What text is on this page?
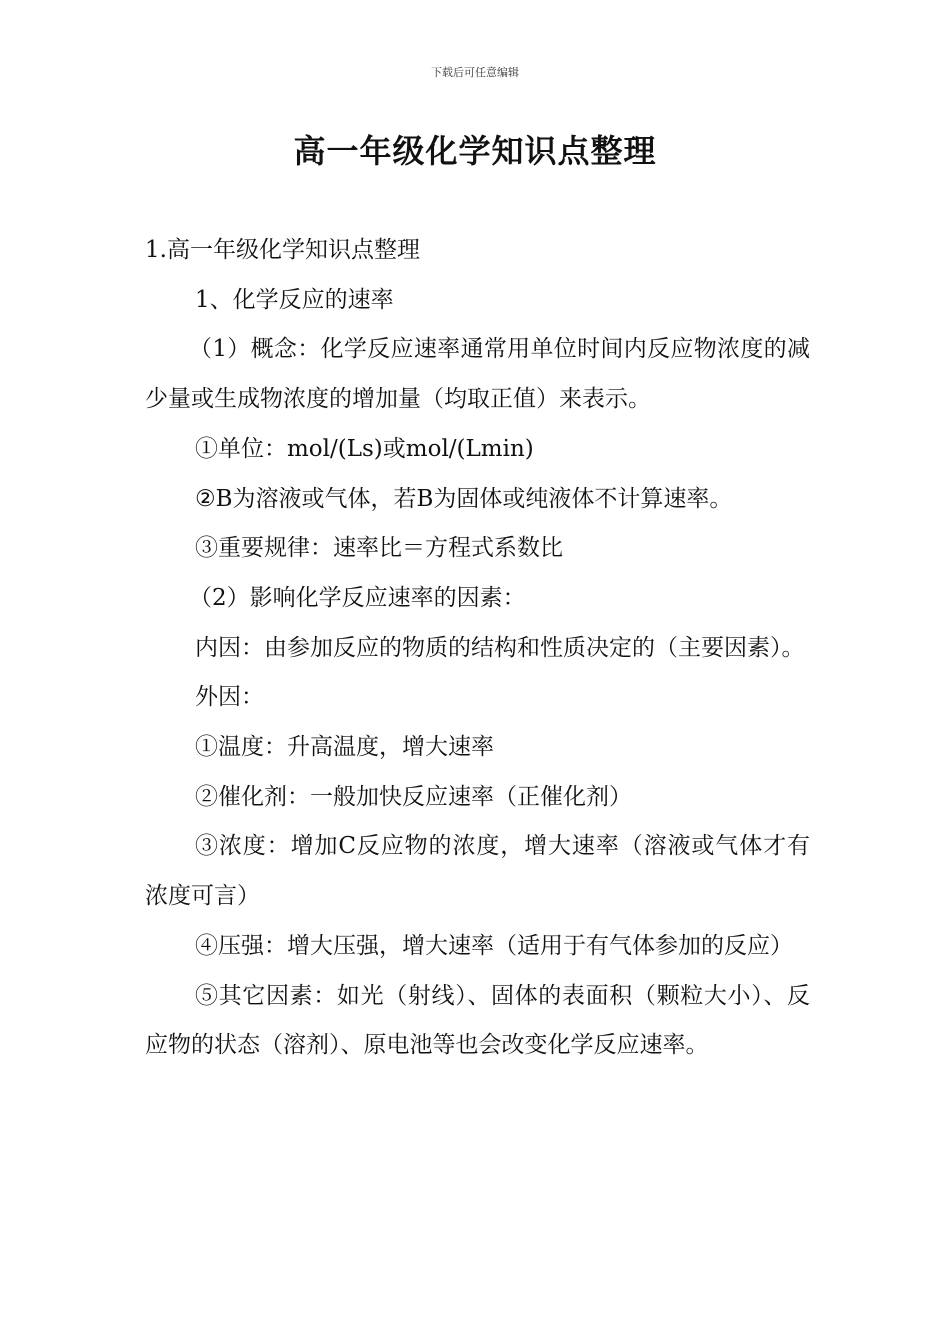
下载后可任意编辑
高一年级化学知识点整理

1.高一年级化学知识点整理

1、化学反应的速率

（1）概念：化学反应速率通常用单位时间内反应物浓度的减少量或生成物浓度的增加量（均取正值）来表示。

①单位：mol/(Ls)或mol/(Lmin)

②B为溶液或气体，若B为固体或纯液体不计算速率。

③重要规律：速率比＝方程式系数比

（2）影响化学反应速率的因素：

内因：由参加反应的物质的结构和性质决定的（主要因素）。

外因：

①温度：升高温度，增大速率

②催化剂：一般加快反应速率（正催化剂）

③浓度：增加C反应物的浓度，增大速率（溶液或气体才有浓度可言）

④压强：增大压强，增大速率（适用于有气体参加的反应）

⑤其它因素：如光（射线）、固体的表面积（颗粒大小）、反应物的状态（溶剂）、原电池等也会改变化学反应速率。
